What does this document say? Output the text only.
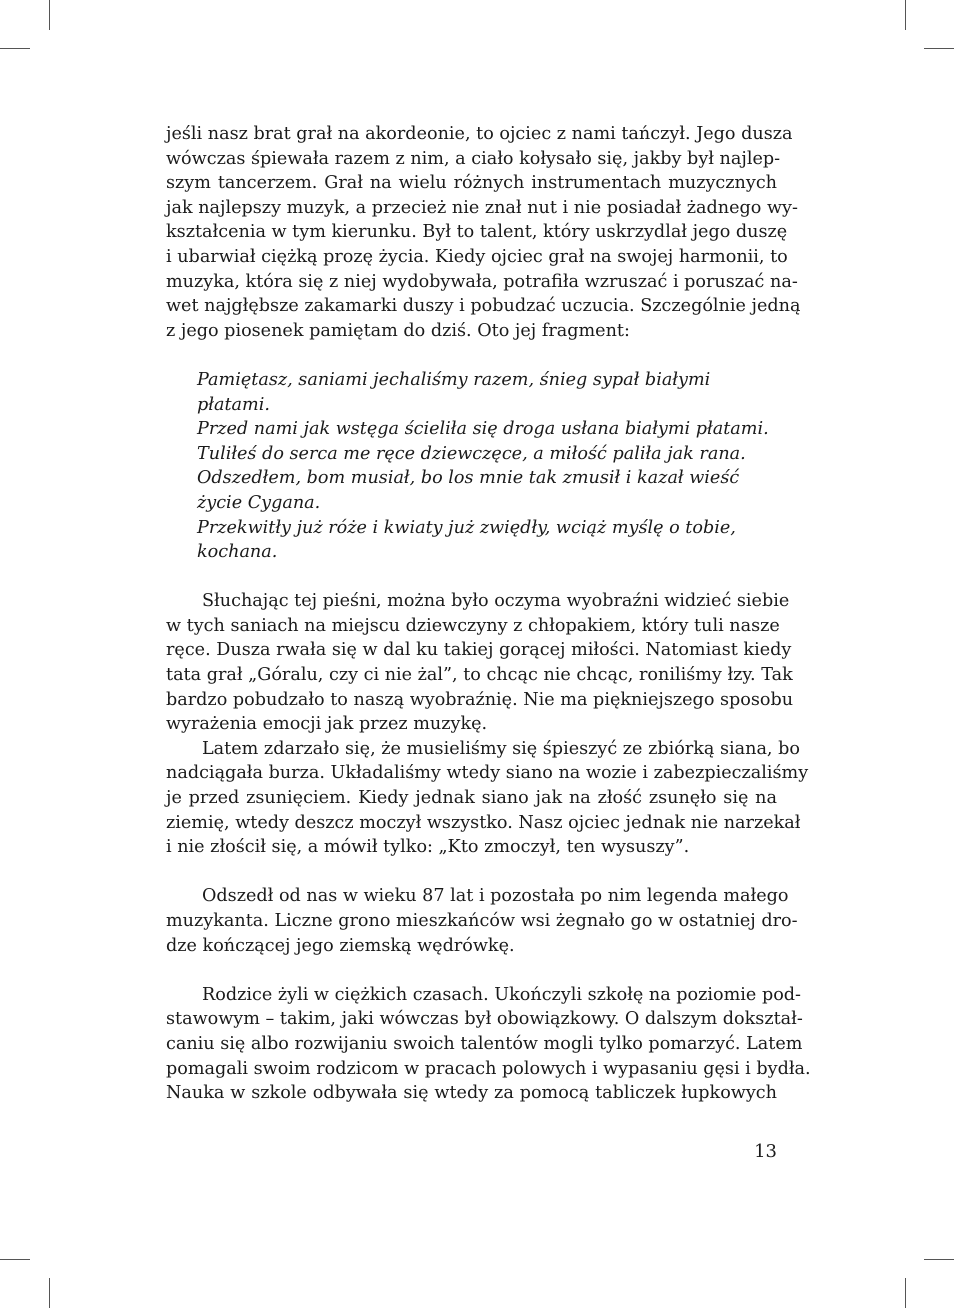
jeśli nasz brat grał na akordeonie, to ojciec z nami tańczył. Jego dusza
wówczas śpiewała razem z nim, a ciało kołysało się, jakby był najlep-
szym tancerzem. Grał na wielu różnych instrumentach muzycznych
jak najlepszy muzyk, a przecież nie znał nut i nie posiadał żadnego wy-
kształcenia w tym kierunku. Był to talent, który uskrzydlał jego duszę
i ubarwiał ciężką prozę życia. Kiedy ojciec grał na swojej harmonii, to
muzyka, która się z niej wydobywała, potrafiła wzruszać i poruszać na-
wet najgłębsze zakamarki duszy i pobudzać uczucia. Szczególnie jedną
z jego piosenek pamiętam do dziś. Oto jej fragment:
Pamiętasz, saniami jechaliśmy razem, śnieg sypał białymi
płatami.
Przed nami jak wstęga ścieliła się droga usłana białymi płatami.
Tuliłeś do serca me ręce dziewczęce, a miłość paliła jak rana.
Odszedłem, bom musiał, bo los mnie tak zmusił i kazał wieść
życie Cygana.
Przekwitły już róże i kwiaty już zwiędły, wciąż myślę o tobie,
kochana.
Słuchając tej pieśni, można było oczyma wyobraźni widzieć siebie
w tych saniach na miejscu dziewczyny z chłopakiem, który tuli nasze
ręce. Dusza rwała się w dal ku takiej gorącej miłości. Natomiast kiedy
tata grał „Góralu, czy ci nie żal”, to chcąc nie chcąc, roniliśmy łzy. Tak
bardzo pobudzało to naszą wyobraźnię. Nie ma piękniejszego sposobu
wyrażenia emocji jak przez muzykę.
Latem zdarzało się, że musieliśmy się śpieszyć ze zbiórką siana, bo
nadciągała burza. Układaliśmy wtedy siano na wozie i zabezpieczaliśmy
je przed zsunięciem. Kiedy jednak siano jak na złość zsunęło się na
ziemię, wtedy deszcz moczył wszystko. Nasz ojciec jednak nie narzekał
i nie złościł się, a mówił tylko: „Kto zmoczył, ten wysuszy”.
Odszedł od nas w wieku 87 lat i pozostała po nim legenda małego
muzykanta. Liczne grono mieszkańców wsi żegnało go w ostatniej dro-
dze kończącej jego ziemską wędrówkę.
Rodzice żyli w ciężkich czasach. Ukończyli szkołę na poziomie pod-
stawowym – takim, jaki wówczas był obowiązkowy. O dalszym dokształ-
caniu się albo rozwijaniu swoich talentów mogli tylko pomarzyć. Latem
pomagali swoim rodzicom w pracach polowych i wypasaniu gęsi i bydła.
Nauka w szkole odbywała się wtedy za pomocą tabliczek łupkowych
13
